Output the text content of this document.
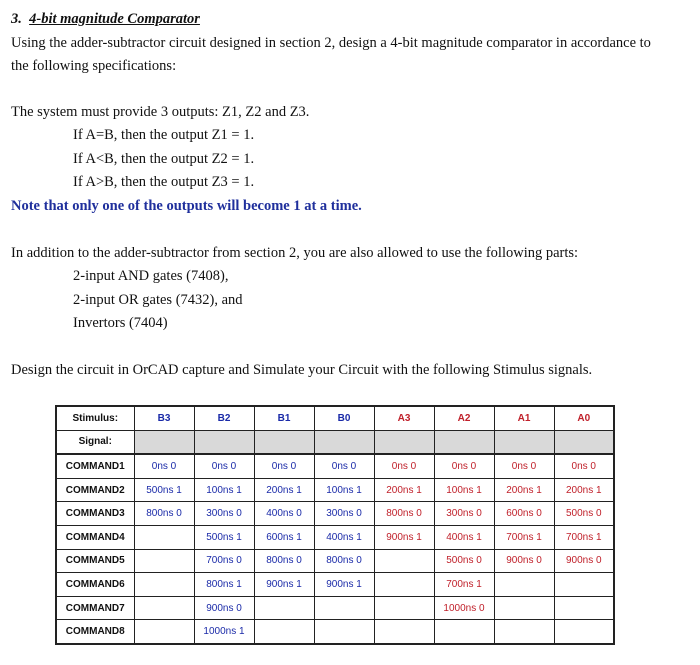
3. 4-bit magnitude Comparator
Using the adder-subtractor circuit designed in section 2, design a 4-bit magnitude comparator in accordance to
the following specifications:
The system must provide 3 outputs: Z1, Z2 and Z3.
If A=B, then the output Z1 = 1.
If A<B, then the output Z2 = 1.
If A>B, then the output Z3 = 1.
Note that only one of the outputs will become 1 at a time.
In addition to the adder-subtractor from section 2, you are also allowed to use the following parts:
2-input AND gates (7408),
2-input OR gates (7432), and
Invertors (7404)
Design the circuit in OrCAD capture and Simulate your Circuit with the following Stimulus signals.
Stimulus:	B3	B2	B1	B0	A3	A2	A1	A0
Signal:								
COMMAND1	0ns 0	0ns 0	0ns 0	0ns 0	0ns 0	0ns 0	0ns 0	0ns 0
COMMAND2	500ns 1	100ns 1	200ns 1	100ns 1	200ns 1	100ns 1	200ns 1	200ns 1
COMMAND3	800ns 0	300ns 0	400ns 0	300ns 0	800ns 0	300ns 0	600ns 0	500ns 0
COMMAND4		500ns 1	600ns 1	400ns 1	900ns 1	400ns 1	700ns 1	700ns 1
COMMAND5		700ns 0	800ns 0	800ns 0		500ns 0	900ns 0	900ns 0
COMMAND6		800ns 1	900ns 1	900ns 1		700ns 1		
COMMAND7		900ns 0				1000ns 0		
COMMAND8		1000ns 1						
